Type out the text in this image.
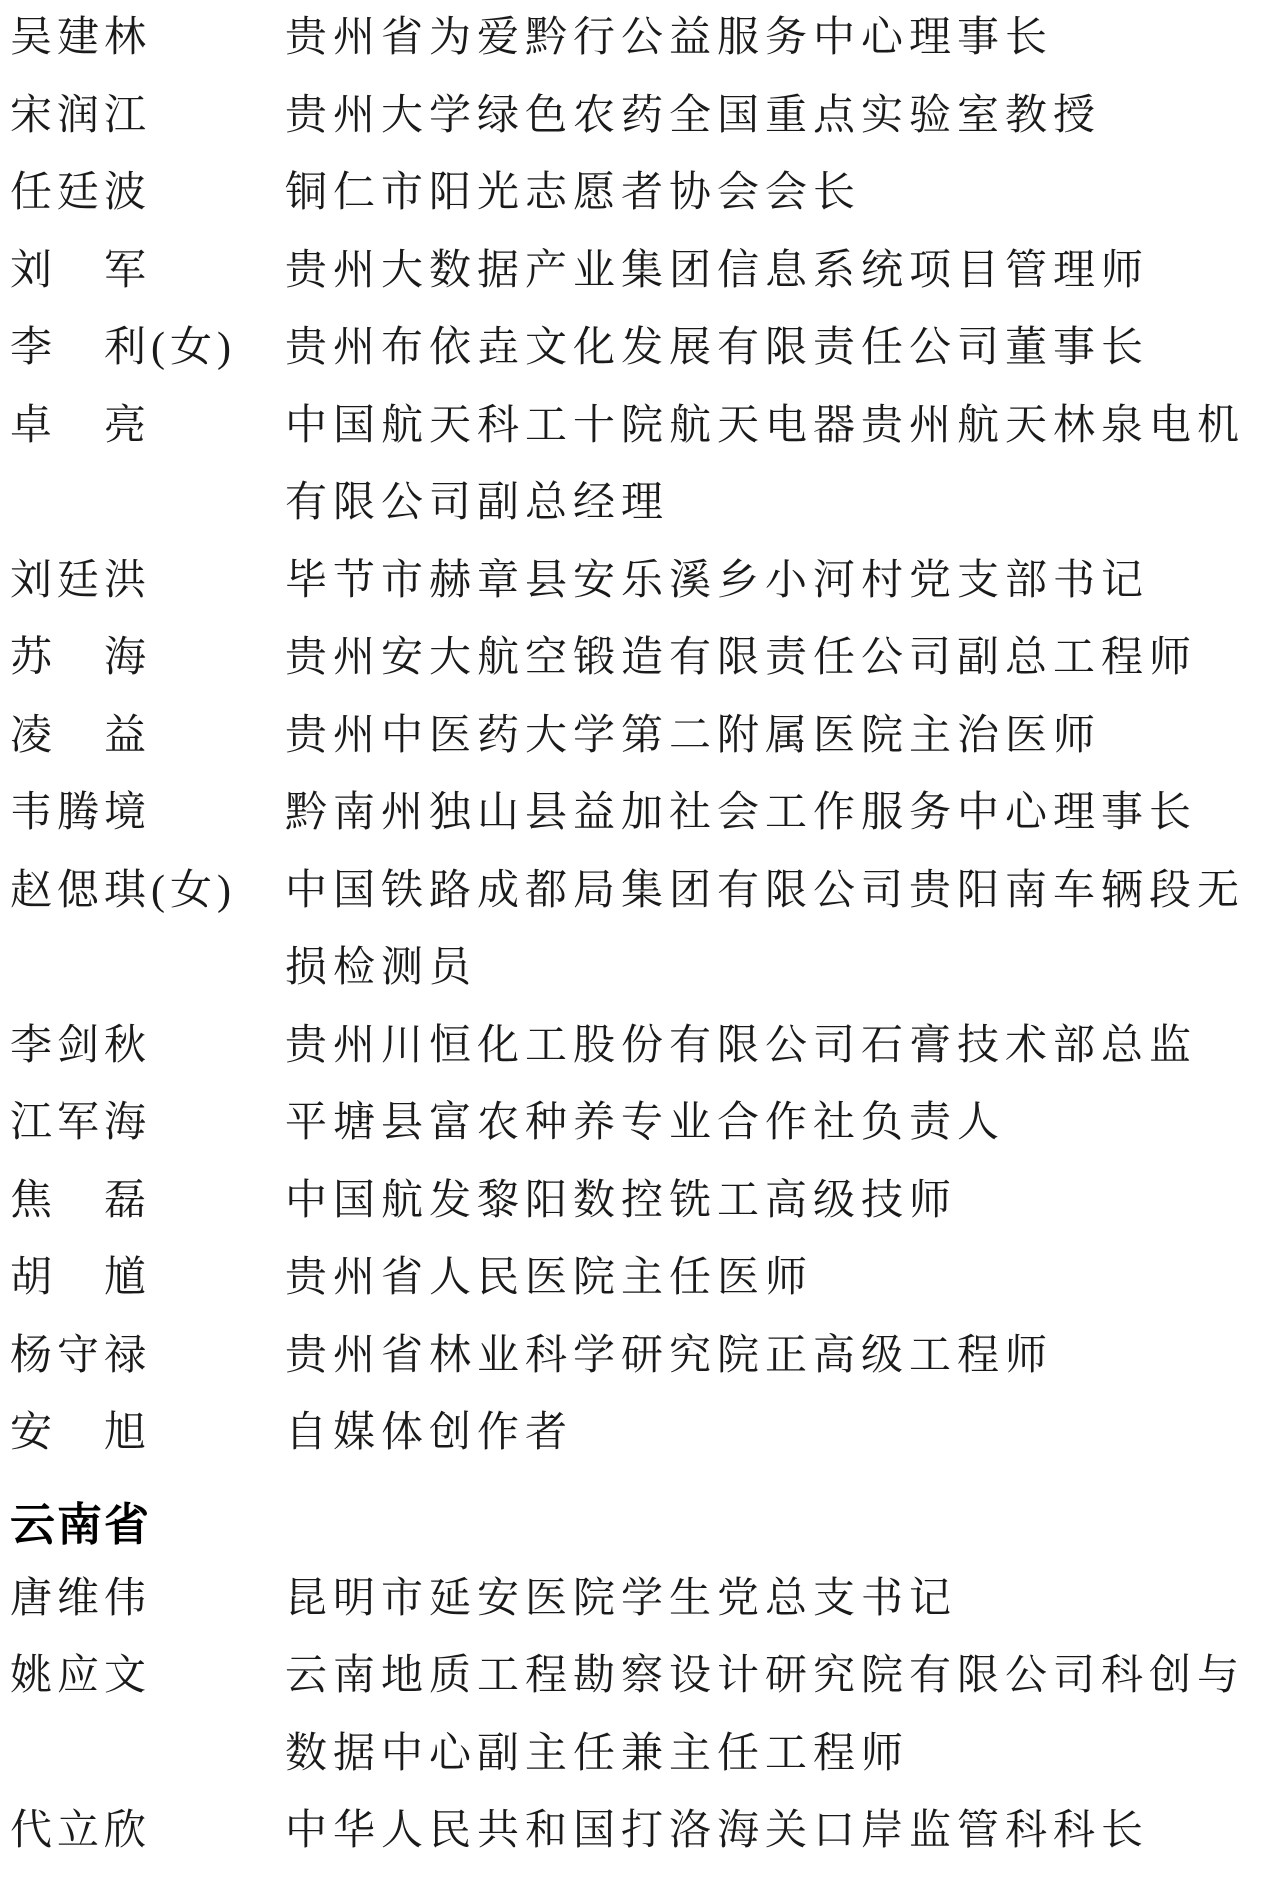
吴建林	贵州省为爱黔行公益服务中心理事长
宋润江	贵州大学绿色农药全国重点实验室教授
任廷波	铜仁市阳光志愿者协会会长
刘　军	贵州大数据产业集团信息系统项目管理师
李　利(女)	贵州布依垚文化发展有限责任公司董事长
卓　亮	中国航天科工十院航天电器贵州航天林泉电机
有限公司副总经理
刘廷洪	毕节市赫章县安乐溪乡小河村党支部书记
苏　海	贵州安大航空锻造有限责任公司副总工程师
凌　益	贵州中医药大学第二附属医院主治医师
韦腾境	黔南州独山县益加社会工作服务中心理事长
赵偲琪(女)	中国铁路成都局集团有限公司贵阳南车辆段无
损检测员
李剑秋	贵州川恒化工股份有限公司石膏技术部总监
江军海	平塘县富农种养专业合作社负责人
焦　磊	中国航发黎阳数控铣工高级技师
胡　馗	贵州省人民医院主任医师
杨守禄	贵州省林业科学研究院正高级工程师
安　旭	自媒体创作者
云南省
唐维伟	昆明市延安医院学生党总支书记
姚应文	云南地质工程勘察设计研究院有限公司科创与
数据中心副主任兼主任工程师
代立欣	中华人民共和国打洛海关口岸监管科科长
